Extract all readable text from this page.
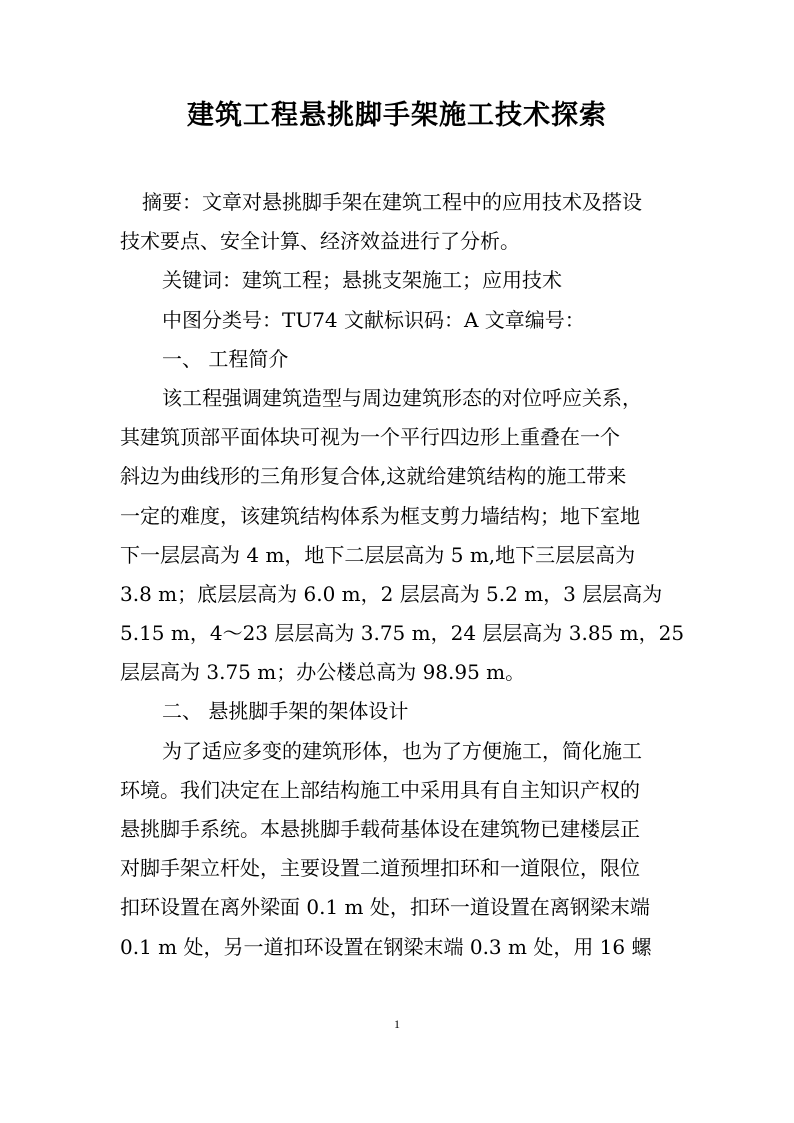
建筑工程悬挑脚手架施工技术探索
摘要：文章对悬挑脚手架在建筑工程中的应用技术及搭设
技术要点、安全计算、经济效益进行了分析。
关键词：建筑工程；悬挑支架施工；应用技术
中图分类号：TU74 文献标识码：A 文章编号：
一、 工程简介
该工程强调建筑造型与周边建筑形态的对位呼应关系，
其建筑顶部平面体块可视为一个平行四边形上重叠在一个
斜边为曲线形的三角形复合体,这就给建筑结构的施工带来
一定的难度，该建筑结构体系为框支剪力墙结构；地下室地
下一层层高为 4 m，地下二层层高为 5 m,地下三层层高为
3.8 m；底层层高为 6.0 m，2 层层高为 5.2 m，3 层层高为
5.15 m，4～23 层层高为 3.75 m，24 层层高为 3.85 m，25
层层高为 3.75 m；办公楼总高为 98.95 m。
二、 悬挑脚手架的架体设计
为了适应多变的建筑形体，也为了方便施工，简化施工
环境。我们决定在上部结构施工中采用具有自主知识产权的
悬挑脚手系统。本悬挑脚手载荷基体设在建筑物已建楼层正
对脚手架立杆处，主要设置二道预埋扣环和一道限位，限位
扣环设置在离外梁面 0.1 m 处，扣环一道设置在离钢梁末端
0.1 m 处，另一道扣环设置在钢梁末端 0.3 m 处，用 16 螺
1
